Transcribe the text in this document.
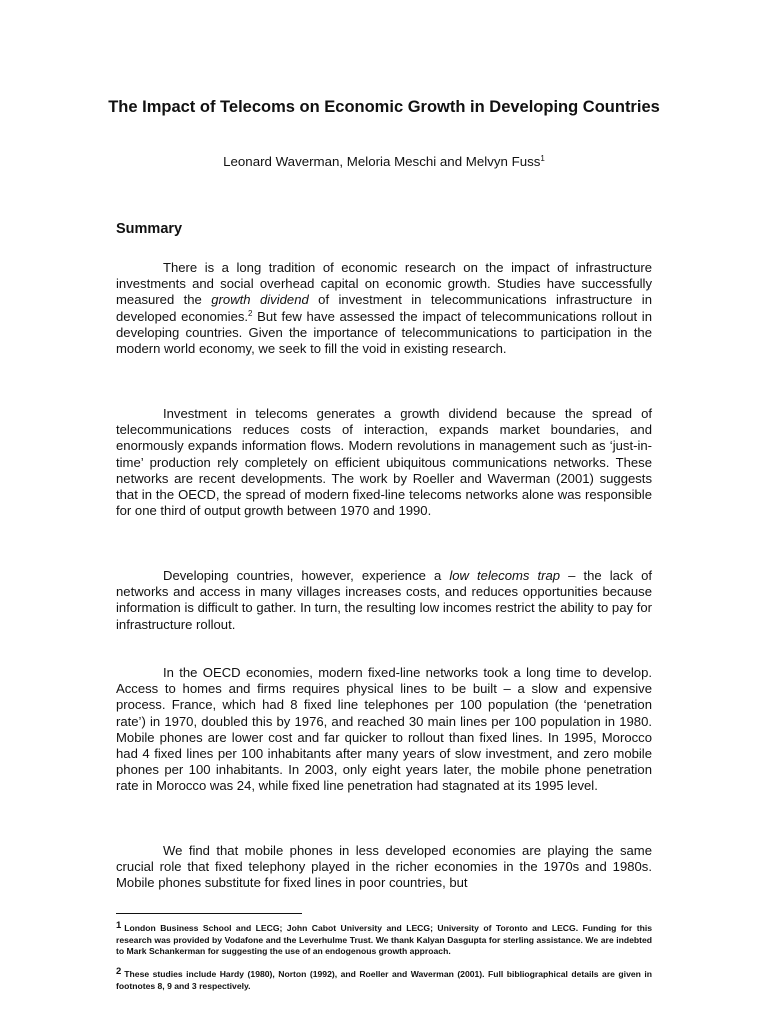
The Impact of Telecoms on Economic Growth in Developing Countries
Leonard Waverman, Meloria Meschi and Melvyn Fuss$^1$
Summary

There is a long tradition of economic research on the impact of infrastructure investments and social overhead capital on economic growth. Studies have successfully measured the growth dividend of investment in telecommunications infrastructure in developed economies.$^2$ But few have assessed the impact of telecommunications rollout in developing countries. Given the importance of telecommunications to participation in the modern world economy, we seek to fill the void in existing research.

Investment in telecoms generates a growth dividend because the spread of telecommunications reduces costs of interaction, expands market boundaries, and enormously expands information flows. Modern revolutions in management such as ‘just-in-time’ production rely completely on efficient ubiquitous communications networks. These networks are recent developments. The work by Roeller and Waverman (2001) suggests that in the OECD, the spread of modern fixed-line telecoms networks alone was responsible for one third of output growth between 1970 and 1990.

Developing countries, however, experience a low telecoms trap – the lack of networks and access in many villages increases costs, and reduces opportunities because information is difficult to gather. In turn, the resulting low incomes restrict the ability to pay for infrastructure rollout.

In the OECD economies, modern fixed-line networks took a long time to develop. Access to homes and firms requires physical lines to be built – a slow and expensive process. France, which had 8 fixed line telephones per 100 population (the ‘penetration rate’) in 1970, doubled this by 1976, and reached 30 main lines per 100 population in 1980. Mobile phones are lower cost and far quicker to rollout than fixed lines. In 1995, Morocco had 4 fixed lines per 100 inhabitants after many years of slow investment, and zero mobile phones per 100 inhabitants. In 2003, only eight years later, the mobile phone penetration rate in Morocco was 24, while fixed line penetration had stagnated at its 1995 level.

We find that mobile phones in less developed economies are playing the same crucial role that fixed telephony played in the richer economies in the 1970s and 1980s. Mobile phones substitute for fixed lines in poor countries, but

1 London Business School and LECG; John Cabot University and LECG; University of Toronto and LECG. Funding for this research was provided by Vodafone and the Leverhulme Trust. We thank Kalyan Dasgupta for sterling assistance. We are indebted to Mark Schankerman for suggesting the use of an endogenous growth approach.

2 These studies include Hardy (1980), Norton (1992), and Roeller and Waverman (2001). Full bibliographical details are given in footnotes 8, 9 and 3 respectively.
